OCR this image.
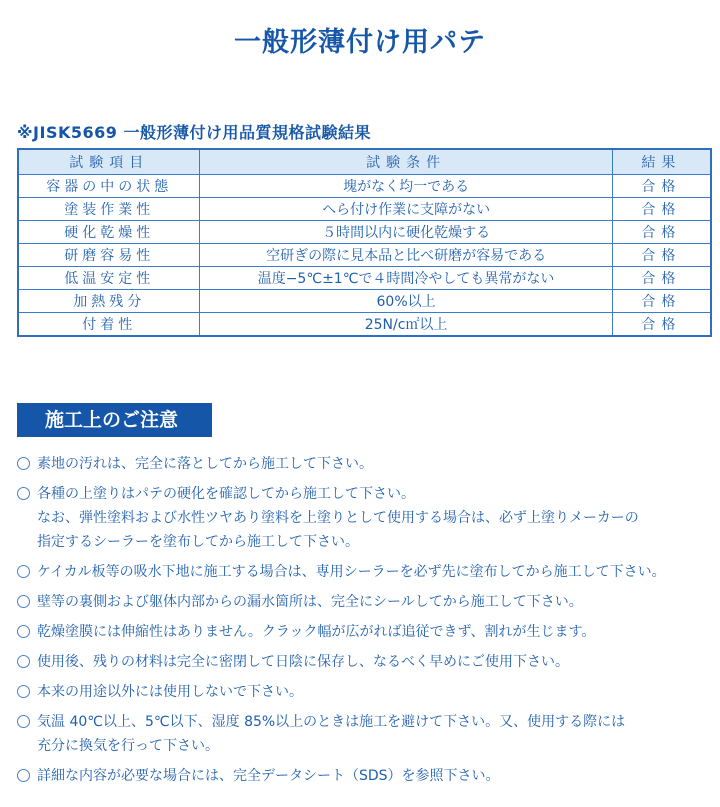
一般形薄付け用パテ
※JISK5669 一般形薄付け用品質規格試験結果
試験項目	試験条件	結果
容器の中の状態	塊がなく均一である	合格
塗装作業性	へら付け作業に支障がない	合格
硬化乾燥性	５時間以内に硬化乾燥する	合格
研磨容易性	空研ぎの際に見本品と比べ研磨が容易である	合格
低温安定性	温度−5℃±1℃で４時間冷やしても異常がない	合格
加熱残分	60%以上	合格
付着性	25N/c㎡以上	合格
施工上のご注意
素地の汚れは、完全に落としてから施工して下さい。
各種の上塗りはパテの硬化を確認してから施工して下さい。
なお、弾性塗料および水性ツヤあり塗料を上塗りとして使用する場合は、必ず上塗りメーカーの
指定するシーラーを塗布してから施工して下さい。
ケイカル板等の吸水下地に施工する場合は、専用シーラーを必ず先に塗布してから施工して下さい。
壁等の裏側および躯体内部からの漏水箇所は、完全にシールしてから施工して下さい。
乾燥塗膜には伸縮性はありません。クラック幅が広がれば追従できず、割れが生じます。
使用後、残りの材料は完全に密閉して日陰に保存し、なるべく早めにご使用下さい。
本来の用途以外には使用しないで下さい。
気温 40℃以上、5℃以下、湿度 85%以上のときは施工を避けて下さい。又、使用する際には
充分に換気を行って下さい。
詳細な内容が必要な場合には、完全データシート（SDS）を参照下さい。
